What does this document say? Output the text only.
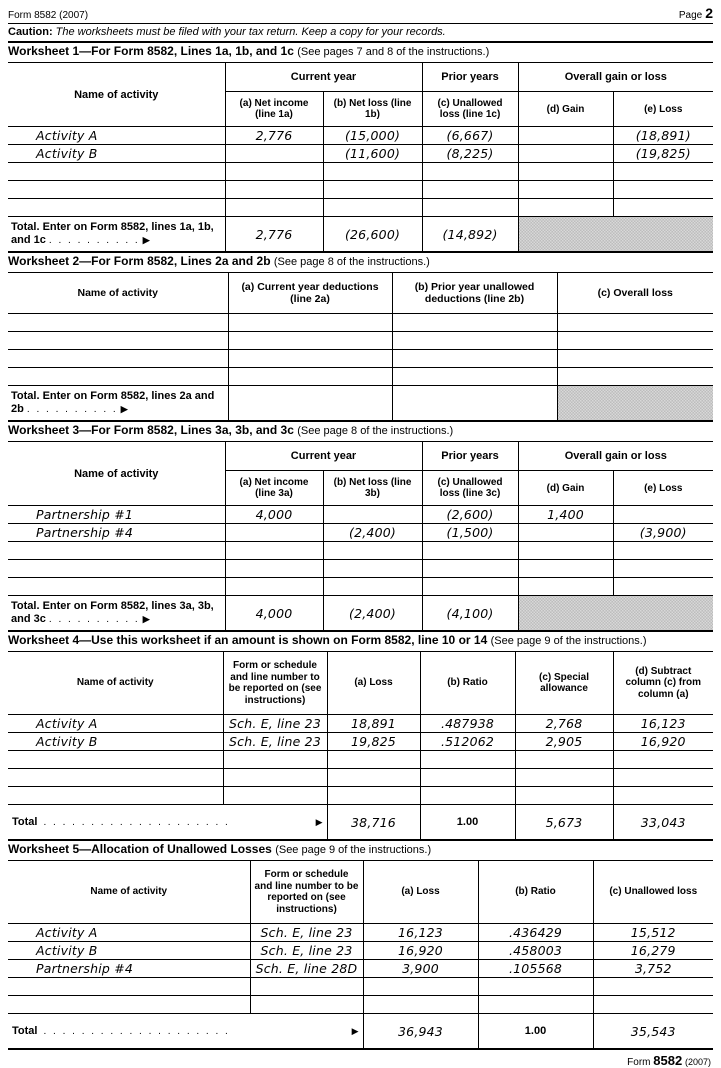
Form 8582 (2007)	Page 2
Caution: The worksheets must be filed with your tax return. Keep a copy for your records.
Worksheet 1—For Form 8582, Lines 1a, 1b, and 1c (See pages 7 and 8 of the instructions.)
Name of activity	Current year		Prior years	Overall gain or loss	
	(a) Net income (line 1a)	(b) Net loss (line 1b)	(c) Unallowed loss (line 1c)	(d) Gain	(e) Loss
Activity A	2,776	(15,000)	(6,667)		(18,891)
Activity B		(11,600)	(8,225)		(19,825)

Total. Enter on Form 8582, lines 1a, 1b, and 1c . . . . . . . . . . ▶	2,776	(26,600)	(14,892)		
Worksheet 2—For Form 8582, Lines 2a and 2b (See page 8 of the instructions.)
Name of activity	(a) Current year deductions (line 2a)	(b) Prior year unallowed deductions (line 2b)	(c) Overall loss

Total. Enter on Form 8582, lines 2a and 2b . . . . . . . . . . ▶			
Worksheet 3—For Form 8582, Lines 3a, 3b, and 3c (See page 8 of the instructions.)
Name of activity	Current year		Prior years	Overall gain or loss	
	(a) Net income (line 3a)	(b) Net loss (line 3b)	(c) Unallowed loss (line 3c)	(d) Gain	(e) Loss
Partnership #1	4,000		(2,600)	1,400	
Partnership #4		(2,400)	(1,500)		(3,900)

Total. Enter on Form 8582, lines 3a, 3b, and 3c . . . . . . . . . . ▶	4,000	(2,400)	(4,100)		
Worksheet 4—Use this worksheet if an amount is shown on Form 8582, line 10 or 14 (See page 9 of the instructions.)
Name of activity	Form or schedule and line number to be reported on (see instructions)	(a) Loss	(b) Ratio	(c) Special allowance	(d) Subtract column (c) from column (a)
Activity A	Sch. E, line 23	18,891	.487938	2,768	16,123
Activity B	Sch. E, line 23	19,825	.512062	2,905	16,920

Total . . . . . . . . . . . . . . . . . . . . ▶		38,716	1.00	5,673	33,043
Worksheet 5—Allocation of Unallowed Losses (See page 9 of the instructions.)
Name of activity	Form or schedule and line number to be reported on (see instructions)	(a) Loss	(b) Ratio	(c) Unallowed loss
Activity A	Sch. E, line 23	16,123	.436429	15,512
Activity B	Sch. E, line 23	16,920	.458003	16,279
Partnership #4	Sch. E, line 28D	3,900	.105568	3,752

Total . . . . . . . . . . . . . . . . . . . . ▶		36,943	1.00	35,543
Form 8582 (2007)
